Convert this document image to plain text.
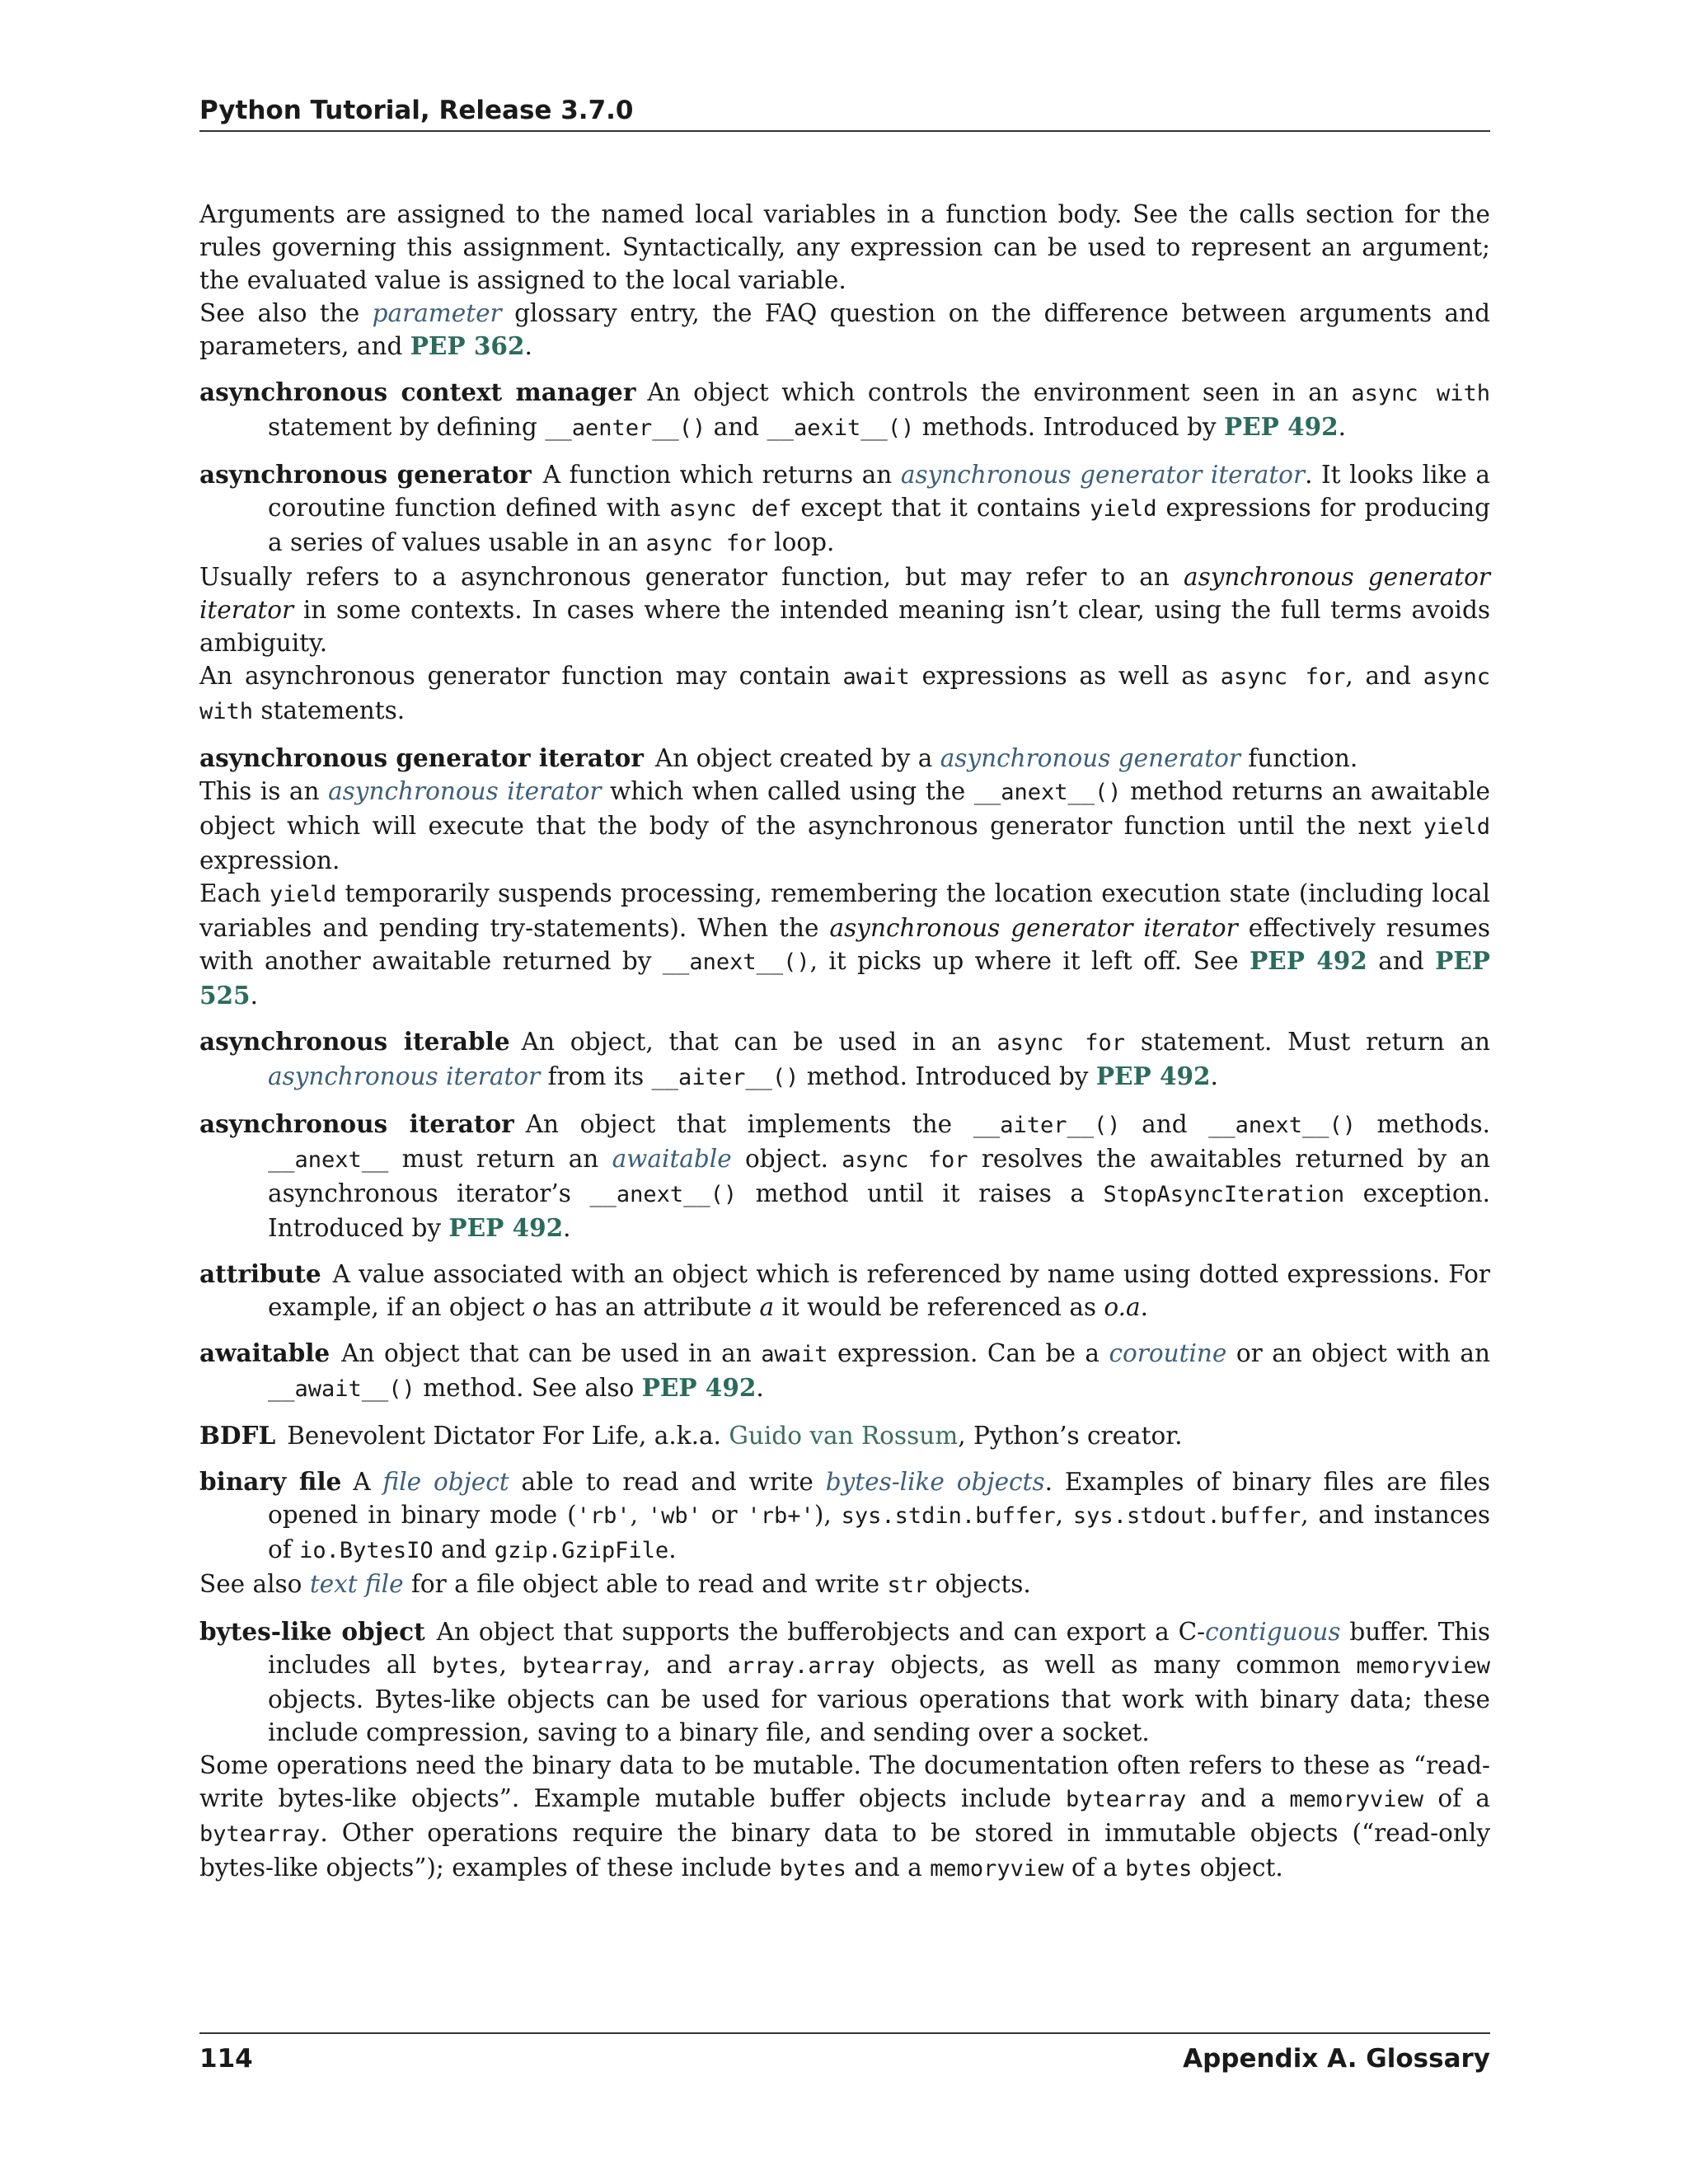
Python Tutorial, Release 3.7.0

Arguments are assigned to the named local variables in a function body. See the calls section for the rules governing this assignment. Syntactically, any expression can be used to represent an argument; the evaluated value is assigned to the local variable.

See also the parameter glossary entry, the FAQ question on the difference between arguments and parameters, and PEP 362.

asynchronous context manager An object which controls the environment seen in an async with statement by defining __aenter__() and __aexit__() methods. Introduced by PEP 492.

asynchronous generator A function which returns an asynchronous generator iterator. It looks like a coroutine function defined with async def except that it contains yield expressions for producing a series of values usable in an async for loop.

Usually refers to a asynchronous generator function, but may refer to an asynchronous generator iterator in some contexts. In cases where the intended meaning isn’t clear, using the full terms avoids ambiguity.

An asynchronous generator function may contain await expressions as well as async for, and async with statements.

asynchronous generator iterator An object created by a asynchronous generator function.

This is an asynchronous iterator which when called using the __anext__() method returns an awaitable object which will execute that the body of the asynchronous generator function until the next yield expression.

Each yield temporarily suspends processing, remembering the location execution state (including local variables and pending try-statements). When the asynchronous generator iterator effectively resumes with another awaitable returned by __anext__(), it picks up where it left off. See PEP 492 and PEP 525.

asynchronous iterable An object, that can be used in an async for statement. Must return an asynchronous iterator from its __aiter__() method. Introduced by PEP 492.

asynchronous iterator An object that implements the __aiter__() and __anext__() methods. __anext__ must return an awaitable object. async for resolves the awaitables returned by an asynchronous iterator’s __anext__() method until it raises a StopAsyncIteration exception. Introduced by PEP 492.

attribute A value associated with an object which is referenced by name using dotted expressions. For example, if an object o has an attribute a it would be referenced as o.a.

awaitable An object that can be used in an await expression. Can be a coroutine or an object with an __await__() method. See also PEP 492.

BDFL Benevolent Dictator For Life, a.k.a. Guido van Rossum, Python’s creator.

binary file A file object able to read and write bytes-like objects. Examples of binary files are files opened in binary mode ('rb', 'wb' or 'rb+'), sys.stdin.buffer, sys.stdout.buffer, and instances of io.BytesIO and gzip.GzipFile.

See also text file for a file object able to read and write str objects.

bytes-like object An object that supports the bufferobjects and can export a C-contiguous buffer. This includes all bytes, bytearray, and array.array objects, as well as many common memoryview objects. Bytes-like objects can be used for various operations that work with binary data; these include compression, saving to a binary file, and sending over a socket.

Some operations need the binary data to be mutable. The documentation often refers to these as “read-write bytes-like objects”. Example mutable buffer objects include bytearray and a memoryview of a bytearray. Other operations require the binary data to be stored in immutable objects (“read-only bytes-like objects”); examples of these include bytes and a memoryview of a bytes object.

114	Appendix A. Glossary
